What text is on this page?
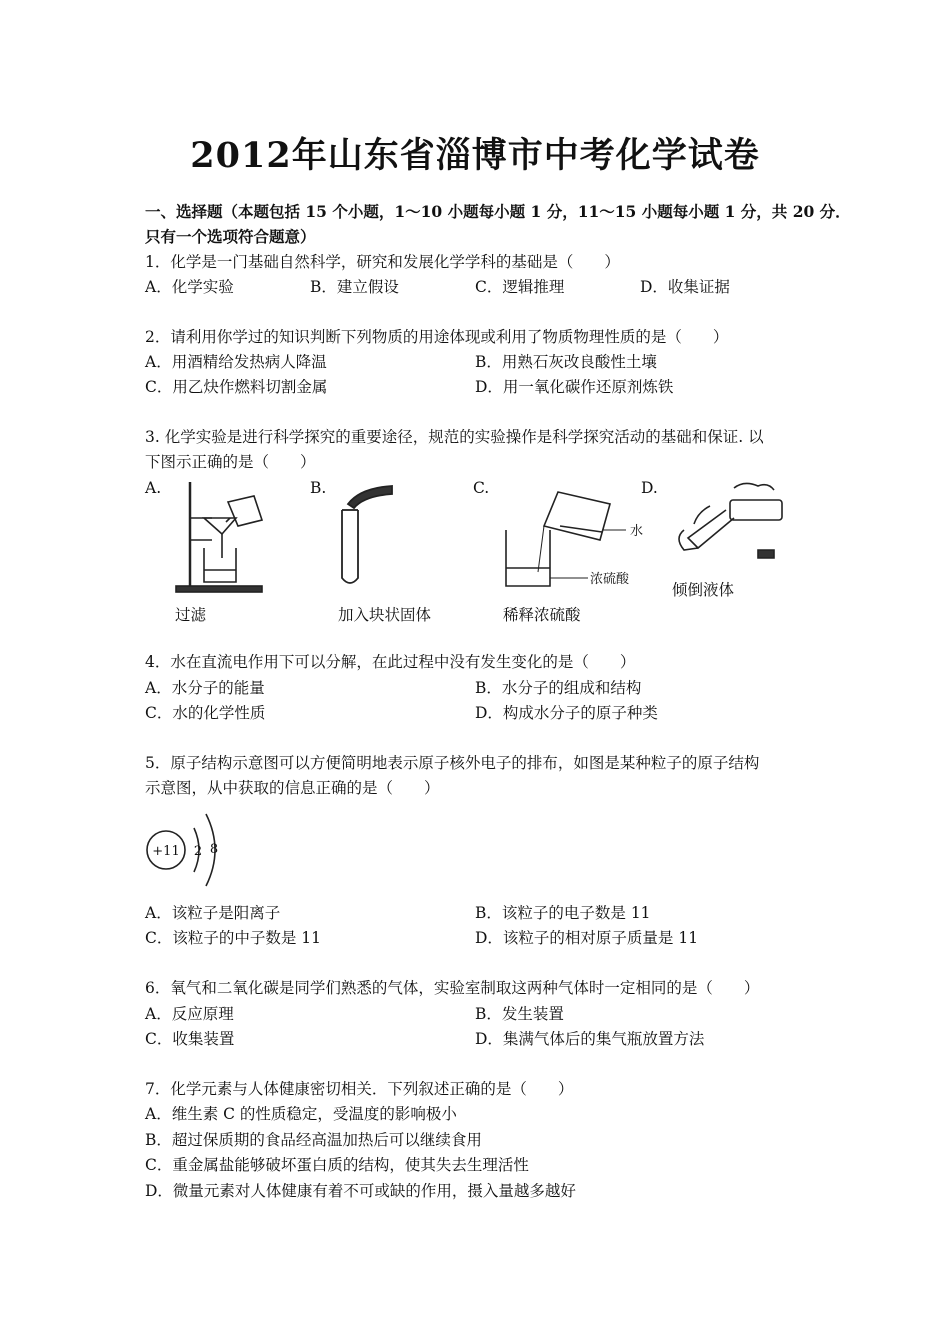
2012年山东省淄博市中考化学试卷
一、选择题（本题包括 15 个小题，1～10 小题每小题 1 分，11～15 小题每小题 1 分，共 20 分．
只有一个选项符合题意）
1．化学是一门基础自然科学，研究和发展化学学科的基础是（　　）
A．化学实验	B．建立假设	C．逻辑推理	D．收集证据
2．请利用你学过的知识判断下列物质的用途体现或利用了物质物理性质的是（　　）
A．用酒精给发热病人降温	B．用熟石灰改良酸性土壤
C．用乙炔作燃料切割金属	D．用一氧化碳作还原剂炼铁
3. 化学实验是进行科学探究的重要途径，规范的实验操作是科学探究活动的基础和保证. 以
下图示正确的是（　　）
A.	B.	C.	D.
水
浓硫酸
过滤	加入块状固体	稀释浓硫酸
倾倒液体
4．水在直流电作用下可以分解，在此过程中没有发生变化的是（　　）
A．水分子的能量	B．水分子的组成和结构
C．水的化学性质	D．构成水分子的原子种类
5．原子结构示意图可以方便简明地表示原子核外电子的排布，如图是某种粒子的原子结构
示意图，从中获取的信息正确的是（　　）
+11 2 8
A．该粒子是阳离子	B．该粒子的电子数是 11
C．该粒子的中子数是 11	D．该粒子的相对原子质量是 11
6．氧气和二氧化碳是同学们熟悉的气体，实验室制取这两种气体时一定相同的是（　　）
A．反应原理	B．发生装置
C．收集装置	D．集满气体后的集气瓶放置方法
7．化学元素与人体健康密切相关．下列叙述正确的是（　　）
A．维生素 C 的性质稳定，受温度的影响极小
B．超过保质期的食品经高温加热后可以继续食用
C．重金属盐能够破坏蛋白质的结构，使其失去生理活性
D．微量元素对人体健康有着不可或缺的作用，摄入量越多越好
